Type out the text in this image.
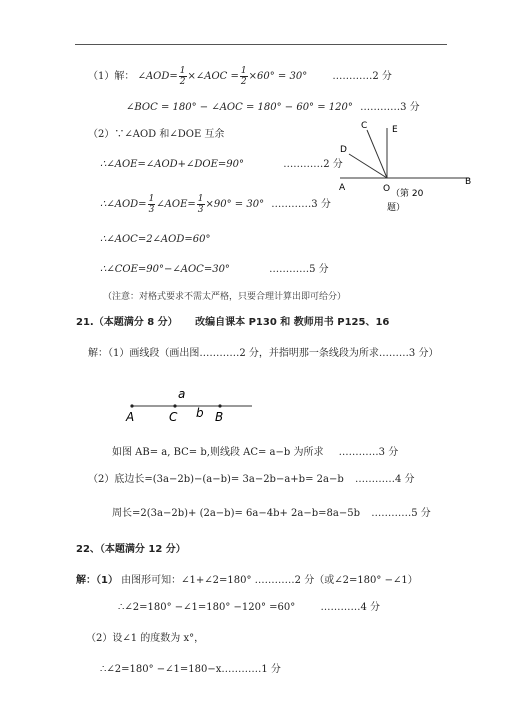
（1）解： ∠AOD= $\frac{1}{2}$ ×∠AOC = $\frac{1}{2} \times 60^\circ = 30^\circ$	…………2 分
∠BOC = 180° − ∠AOC = 180° − 60° = 120° …………3 分
（2）∵∠AOD 和∠DOE 互余
∴∠AOE=∠AOD+∠DOE=90°	…………2 分
∴∠AOD= $\frac{1}{3}$ ∠AOE= $\frac{1}{3} \times 90^\circ = 30^\circ$ …………3 分
∴∠AOC=2∠AOD=60°
∴∠COE=90°−∠AOC=30°	…………5 分
（注意：对格式要求不需太严格，只要合理计算出即可给分）
C	E
D
A	O
B
（第 20
题）
21.（本题满分 8 分） 改编自课本 P130 和 教师用书 P125、16
解：（1）画线段（画出图…………2 分，并指明那一条线段为所求………3 分）
a
A	C b B
如图 AB= a, BC= b,则线段 AC= a−b 为所求 …………3 分
（2）底边长=(3a−2b)−(a−b)= 3a−2b−a+b= 2a−b …………4 分
周长=2(3a−2b)+ (2a−b)= 6a−4b+ 2a−b=8a−5b …………5 分
22、（本题满分 12 分）
解：（1） 由图形可知：∠1+∠2=180° …………2 分（或∠2=180° −∠1）
∴∠2=180° −∠1=180° −120° =60°	…………4 分
（2）设∠1 的度数为 x°，
∴∠2=180° −∠1=180−x…………1 分
